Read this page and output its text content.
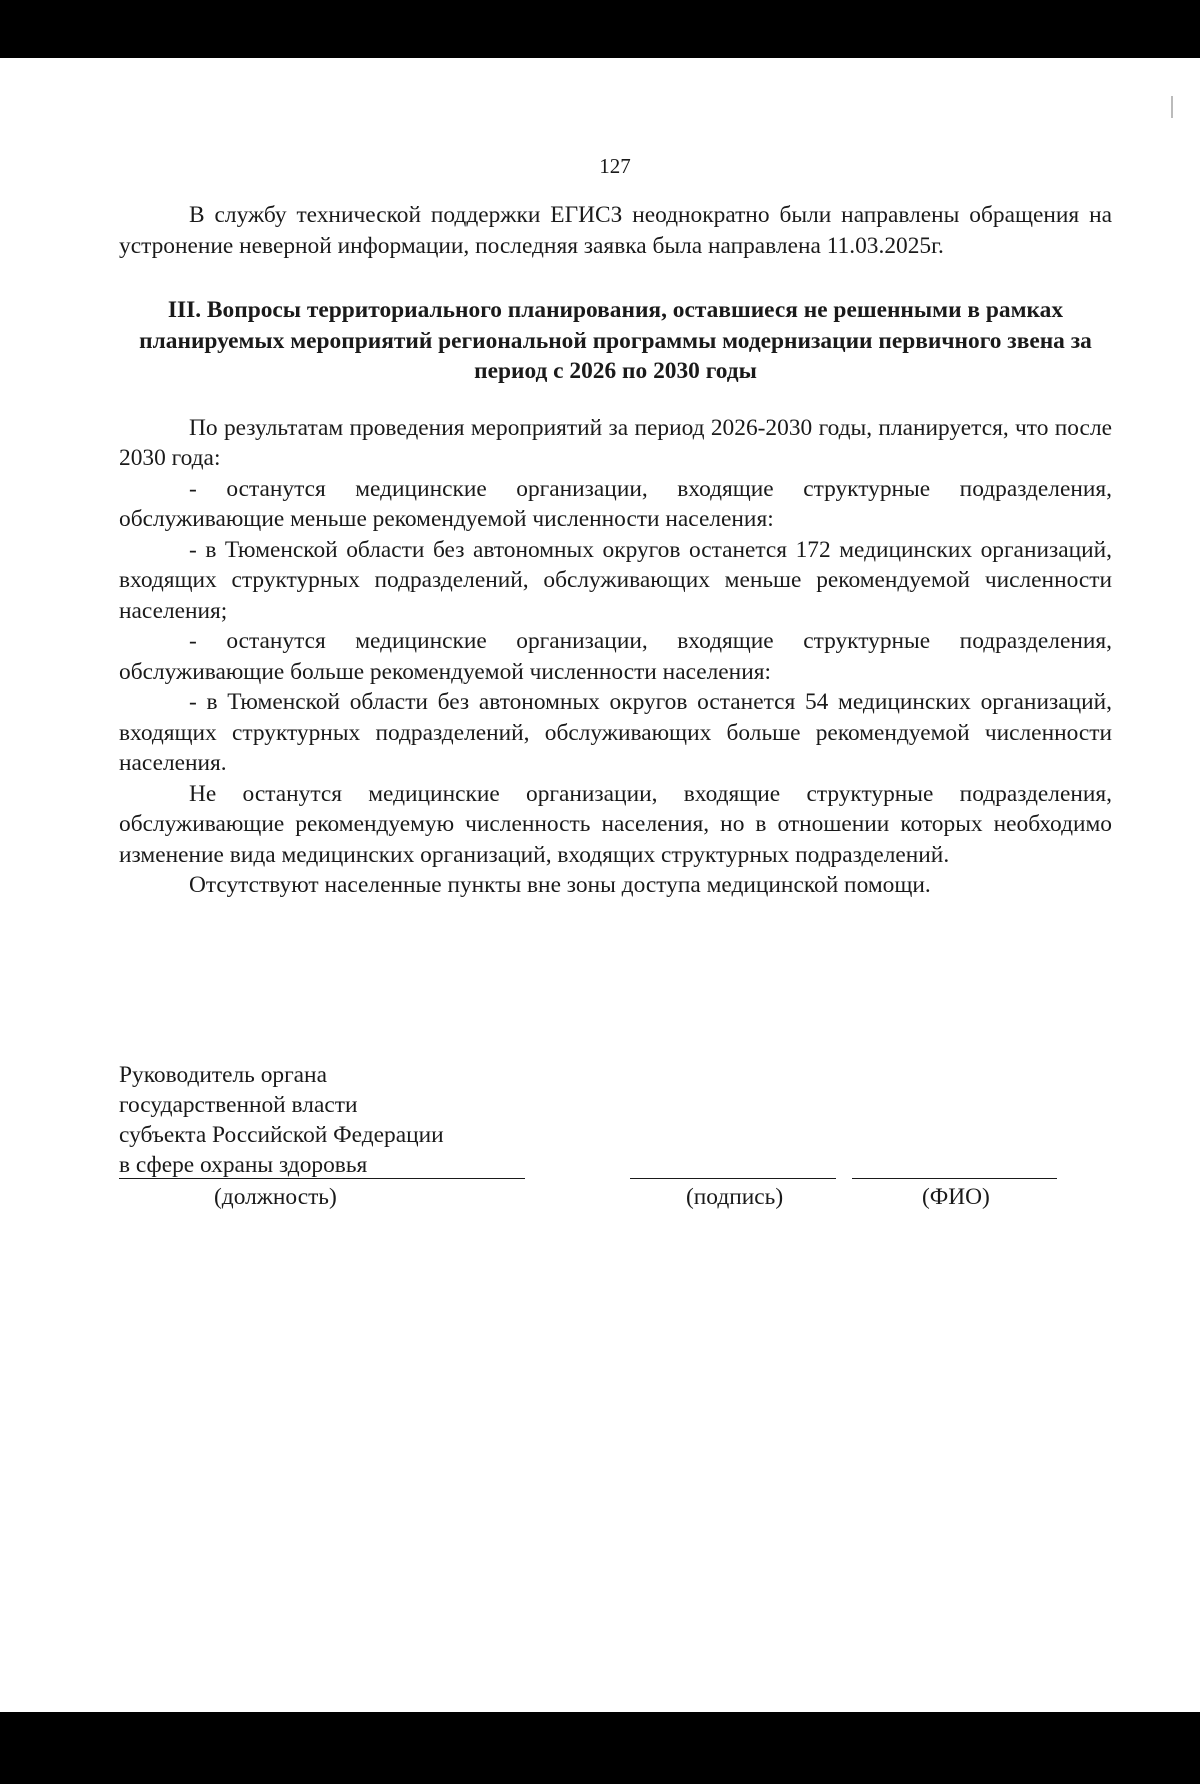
127

В службу технической поддержки ЕГИСЗ неоднократно были направлены обращения на устронение неверной информации, последняя заявка была направлена 11.03.2025г.

III. Вопросы территориального планирования, оставшиеся не решенными в рамках планируемых мероприятий региональной программы модернизации первичного звена за период с 2026 по 2030 годы

По результатам проведения мероприятий за период 2026-2030 годы, планируется, что после 2030 года:

- останутся медицинские организации, входящие структурные подразделения, обслуживающие меньше рекомендуемой численности населения:

- в Тюменской области без автономных округов останется 172 медицинских организаций, входящих структурных подразделений, обслуживающих меньше рекомендуемой численности населения;

- останутся медицинские организации, входящие структурные подразделения, обслуживающие больше рекомендуемой численности населения:

- в Тюменской области без автономных округов останется 54 медицинских организаций, входящих структурных подразделений, обслуживающих больше рекомендуемой численности населения.

Не останутся медицинские организации, входящие структурные подразделения, обслуживающие рекомендуемую численность населения, но в отношении которых необходимо изменение вида медицинских организаций, входящих структурных подразделений.

Отсутствуют населенные пункты вне зоны доступа медицинской помощи.

Руководитель органа

государственной власти

субъекта Российской Федерации

в сфере охраны здоровья

(должность)	(подпись)	(ФИО)
